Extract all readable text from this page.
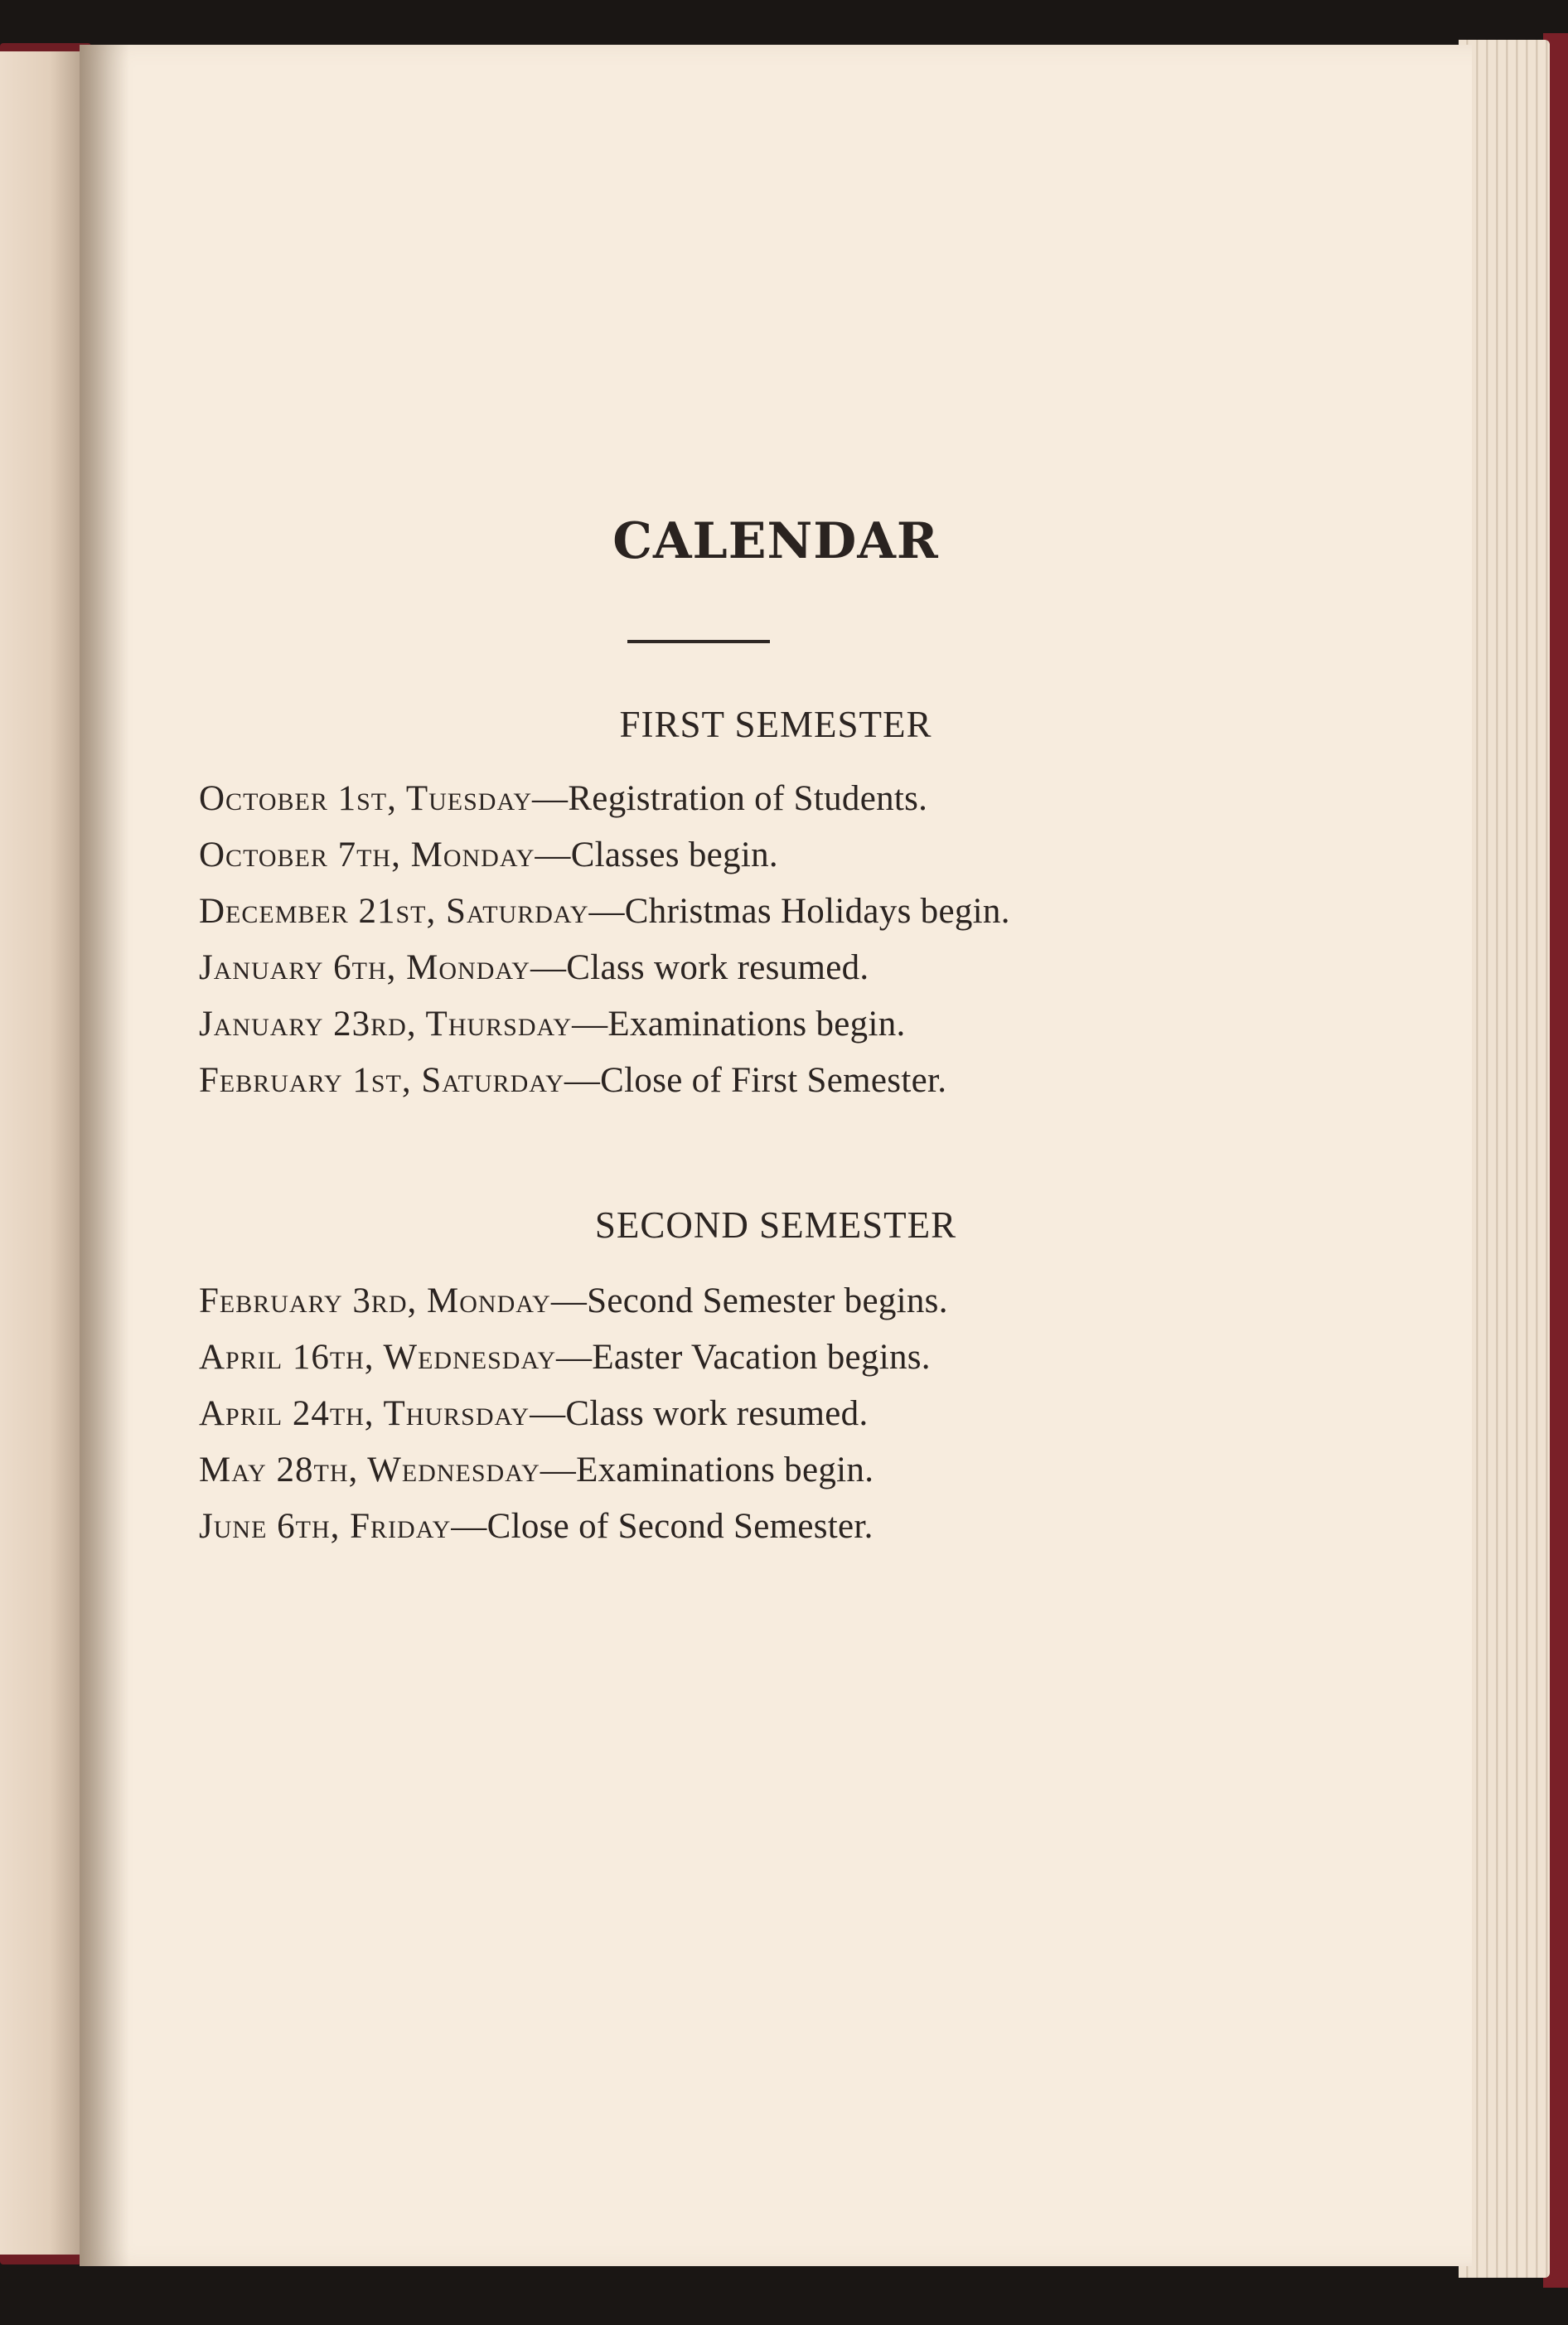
CALENDAR
FIRST SEMESTER
October 1st, Tuesday—Registration of Students.
October 7th, Monday—Classes begin.
December 21st, Saturday—Christmas Holidays begin.
January 6th, Monday—Class work resumed.
January 23rd, Thursday—Examinations begin.
February 1st, Saturday—Close of First Semester.
SECOND SEMESTER
February 3rd, Monday—Second Semester begins.
April 16th, Wednesday—Easter Vacation begins.
April 24th, Thursday—Class work resumed.
May 28th, Wednesday—Examinations begin.
June 6th, Friday—Close of Second Semester.
